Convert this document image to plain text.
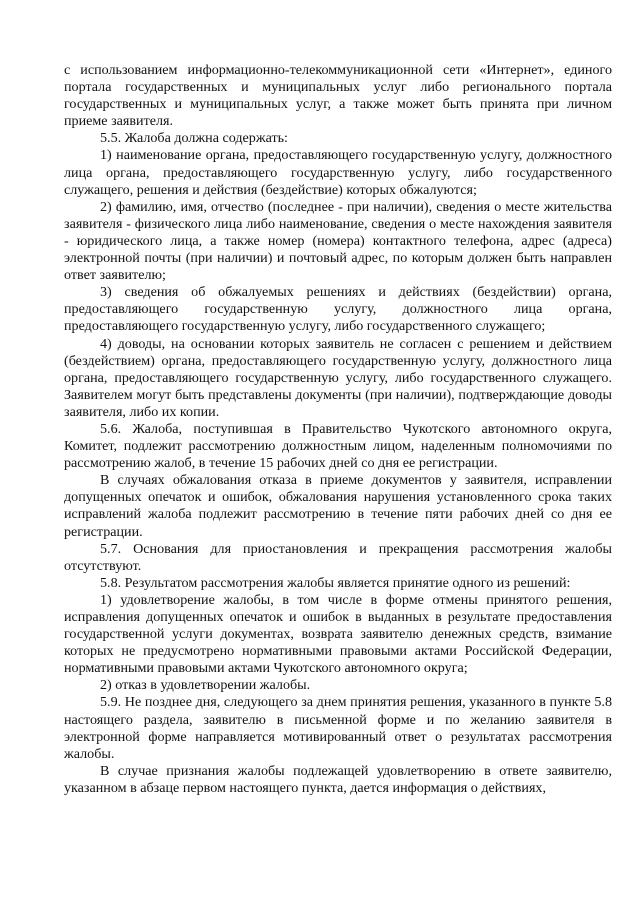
с использованием информационно-телекоммуникационной сети «Интернет», единого портала государственных и муниципальных услуг либо регионального портала государственных и муниципальных услуг, а также может быть принята при личном приеме заявителя.

5.5. Жалоба должна содержать:

1) наименование органа, предоставляющего государственную услугу, должностного лица органа, предоставляющего государственную услугу, либо государственного служащего, решения и действия (бездействие) которых обжалуются;

2) фамилию, имя, отчество (последнее - при наличии), сведения о месте жительства заявителя - физического лица либо наименование, сведения о месте нахождения заявителя - юридического лица, а также номер (номера) контактного телефона, адрес (адреса) электронной почты (при наличии) и почтовый адрес, по которым должен быть направлен ответ заявителю;

3) сведения об обжалуемых решениях и действиях (бездействии) органа, предоставляющего государственную услугу, должностного лица органа, предоставляющего государственную услугу, либо государственного служащего;

4) доводы, на основании которых заявитель не согласен с решением и действием (бездействием) органа, предоставляющего государственную услугу, должностного лица органа, предоставляющего государственную услугу, либо государственного служащего. Заявителем могут быть представлены документы (при наличии), подтверждающие доводы заявителя, либо их копии.

5.6. Жалоба, поступившая в Правительство Чукотского автономного округа, Комитет, подлежит рассмотрению должностным лицом, наделенным полномочиями по рассмотрению жалоб, в течение 15 рабочих дней со дня ее регистрации.

В случаях обжалования отказа в приеме документов у заявителя, исправлении допущенных опечаток и ошибок, обжалования нарушения установленного срока таких исправлений жалоба подлежит рассмотрению в течение пяти рабочих дней со дня ее регистрации.

5.7. Основания для приостановления и прекращения рассмотрения жалобы отсутствуют.

5.8. Результатом рассмотрения жалобы является принятие одного из решений:

1) удовлетворение жалобы, в том числе в форме отмены принятого решения, исправления допущенных опечаток и ошибок в выданных в результате предоставления государственной услуги документах, возврата заявителю денежных средств, взимание которых не предусмотрено нормативными правовыми актами Российской Федерации, нормативными правовыми актами Чукотского автономного округа;

2) отказ в удовлетворении жалобы.

5.9. Не позднее дня, следующего за днем принятия решения, указанного в пункте 5.8 настоящего раздела, заявителю в письменной форме и по желанию заявителя в электронной форме направляется мотивированный ответ о результатах рассмотрения жалобы.

В случае признания жалобы подлежащей удовлетворению в ответе заявителю, указанном в абзаце первом настоящего пункта, дается информация о действиях,
